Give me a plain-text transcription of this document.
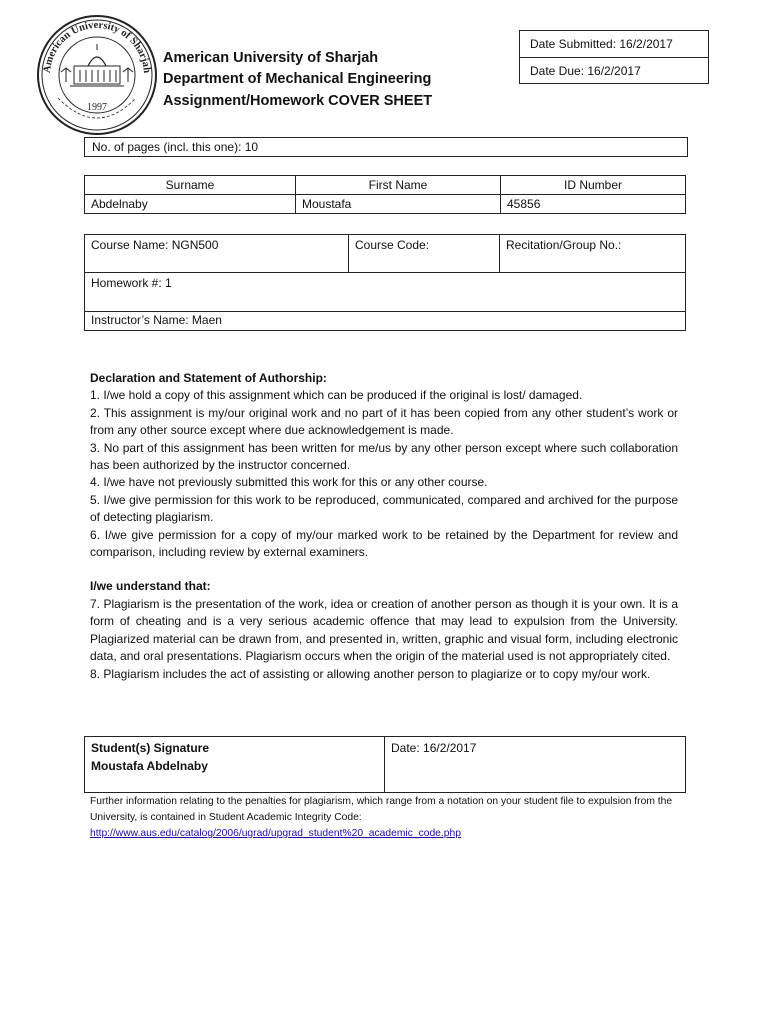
American University of Sharjah
1997
American University of Sharjah
Department of Mechanical Engineering
Assignment/Homework COVER SHEET
Date Submitted: 16/2/2017
Date Due: 16/2/2017
No. of pages (incl. this one): 10
Surname	First Name	ID Number
Abdelnaby	Moustafa	45856
Course Name: NGN500	Course Code:	Recitation/Group No.:
Homework #: 1
Instructor’s Name: Maen

Declaration and Statement of Authorship:

1. I/we hold a copy of this assignment which can be produced if the original is lost/ damaged.

2. This assignment is my/our original work and no part of it has been copied from any other student’s work or from any other source except where due acknowledgement is made.

3. No part of this assignment has been written for me/us by any other person except where such collaboration has been authorized by the instructor concerned.

4. I/we have not previously submitted this work for this or any other course.

5. I/we give permission for this work to be reproduced, communicated, compared and archived for the purpose of detecting plagiarism.

6. I/we give permission for a copy of my/our marked work to be retained by the Department for review and comparison, including review by external examiners.

I/we understand that:

7. Plagiarism is the presentation of the work, idea or creation of another person as though it is your own. It is a form of cheating and is a very serious academic offence that may lead to expulsion from the University. Plagiarized material can be drawn from, and presented in, written, graphic and visual form, including electronic data, and oral presentations. Plagiarism occurs when the origin of the material used is not appropriately cited.

8. Plagiarism includes the act of assisting or allowing another person to plagiarize or to copy my/our work.

Student(s) Signature
Moustafa Abdelnaby
Date: 16/2/2017
Further information relating to the penalties for plagiarism, which range from a notation on your student file to expulsion from the University, is contained in Student Academic Integrity Code:
http://www.aus.edu/catalog/2006/ugrad/upgrad_student%20_academic_code.php
